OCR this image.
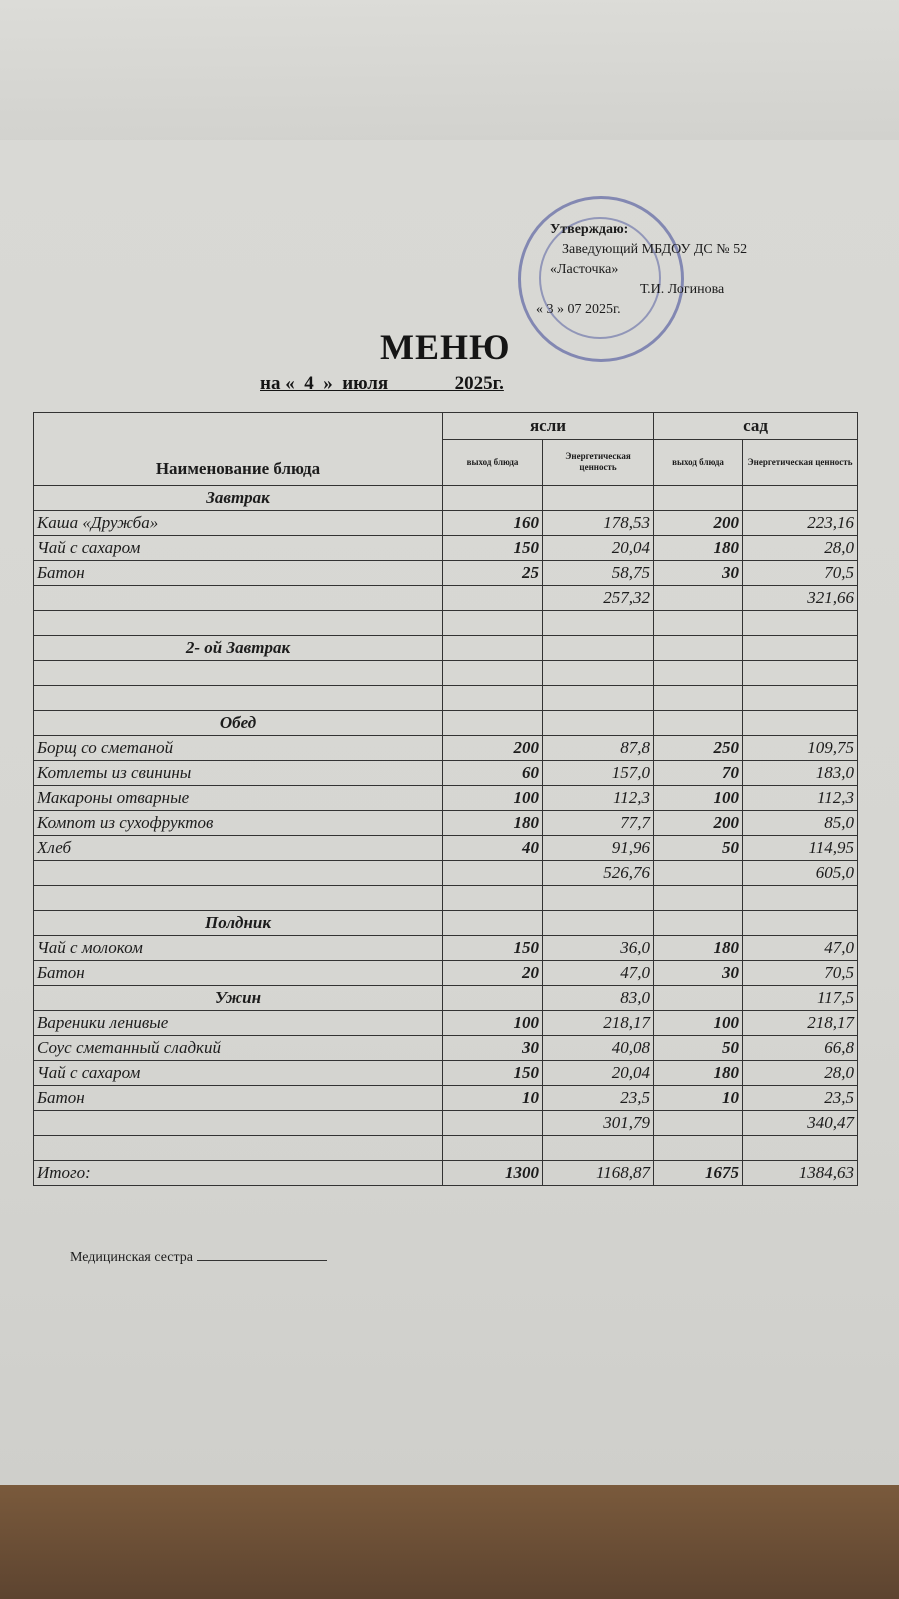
Утверждаю:
Заведующий МБДОУ ДС № 52
«Ласточка»
Т.И. Логинова
« 3 » 07 2025г.
МЕНЮ
на «  4  »  июля              2025г.
Наименование блюда	ясли		сад	
	выход блюда	Энергетическая ценность	выход блюда	Энергетическая ценность
Завтрак				
Каша «Дружба»	160	178,53	200	223,16
Чай с сахаром	150	20,04	180	28,0
Батон	25	58,75	30	70,5
		257,32		321,66

2- ой Завтрак				

Обед				
Борщ со сметаной	200	87,8	250	109,75
Котлеты из свинины	60	157,0	70	183,0
Макароны отварные	100	112,3	100	112,3
Компот из сухофруктов	180	77,7	200	85,0
Хлеб	40	91,96	50	114,95
		526,76		605,0

Полдник				
Чай с молоком	150	36,0	180	47,0
Батон	20	47,0	30	70,5
Ужин		83,0		117,5
Вареники ленивые	100	218,17	100	218,17
Соус сметанный сладкий	30	40,08	50	66,8
Чай с сахаром	150	20,04	180	28,0
Батон	10	23,5	10	23,5
		301,79		340,47

Итого:	1300	1168,87	1675	1384,63
Медицинская сестра
